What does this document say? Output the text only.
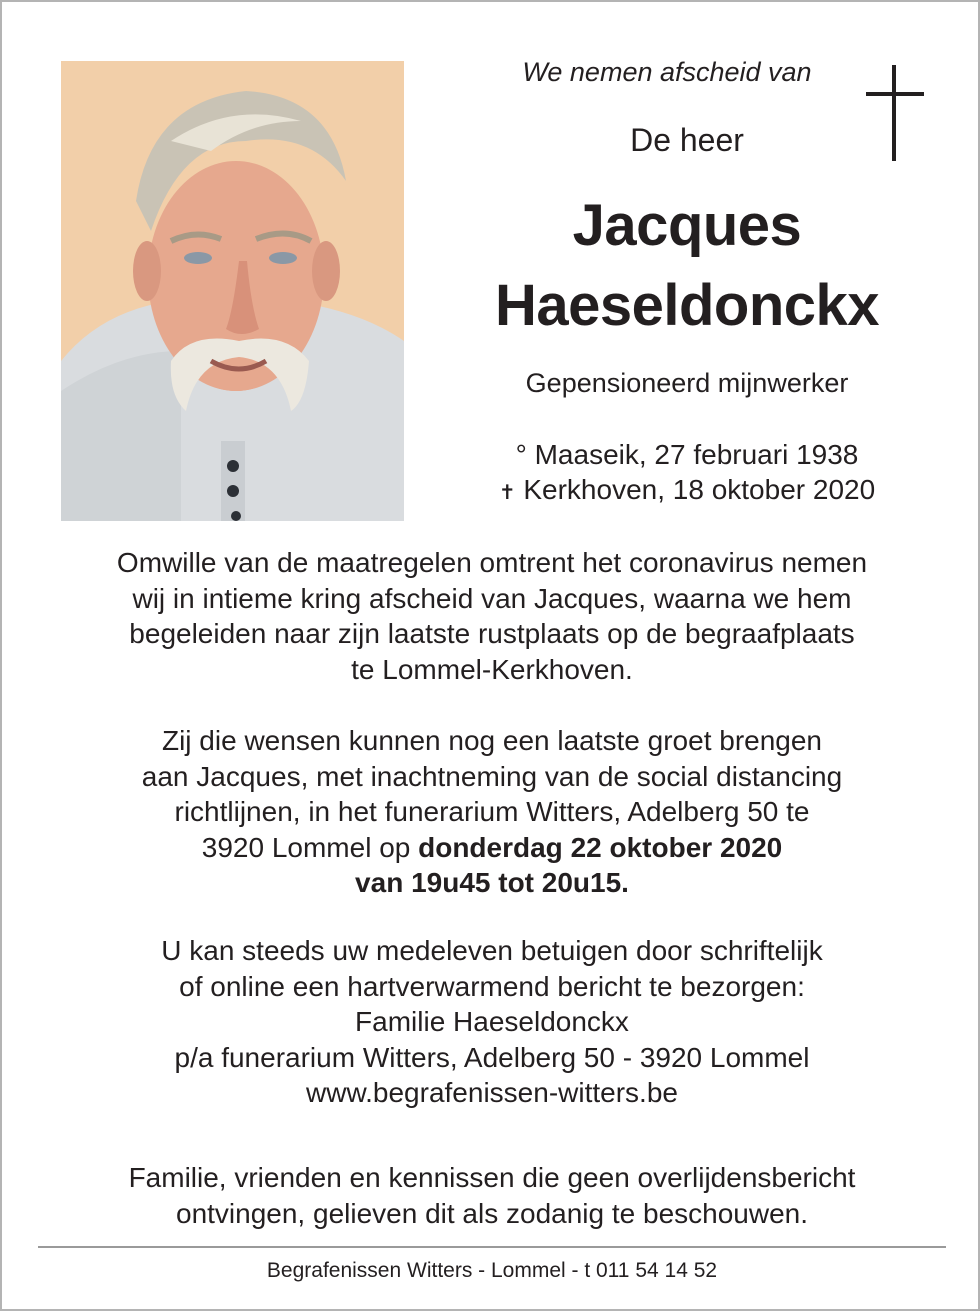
We nemen afscheid van
De heer
Jacques
Haeseldonckx
Gepensioneerd mijnwerker
° Maaseik, 27 februari 1938
✝ Kerkhoven, 18 oktober 2020
Omwille van de maatregelen omtrent het coronavirus nemen
wij in intieme kring afscheid van Jacques, waarna we hem
begeleiden naar zijn laatste rustplaats op de begraafplaats
te Lommel-Kerkhoven.
Zij die wensen kunnen nog een laatste groet brengen
aan Jacques, met inachtneming van de social distancing
richtlijnen, in het funerarium Witters, Adelberg 50 te
3920 Lommel op donderdag 22 oktober 2020
van 19u45 tot 20u15.
U kan steeds uw medeleven betuigen door schriftelijk
of online een hartverwarmend bericht te bezorgen:
Familie Haeseldonckx
p/a funerarium Witters, Adelberg 50 - 3920 Lommel
www.begrafenissen-witters.be
Familie, vrienden en kennissen die geen overlijdensbericht
ontvingen, gelieven dit als zodanig te beschouwen.
Begrafenissen Witters - Lommel - t 011 54 14 52
